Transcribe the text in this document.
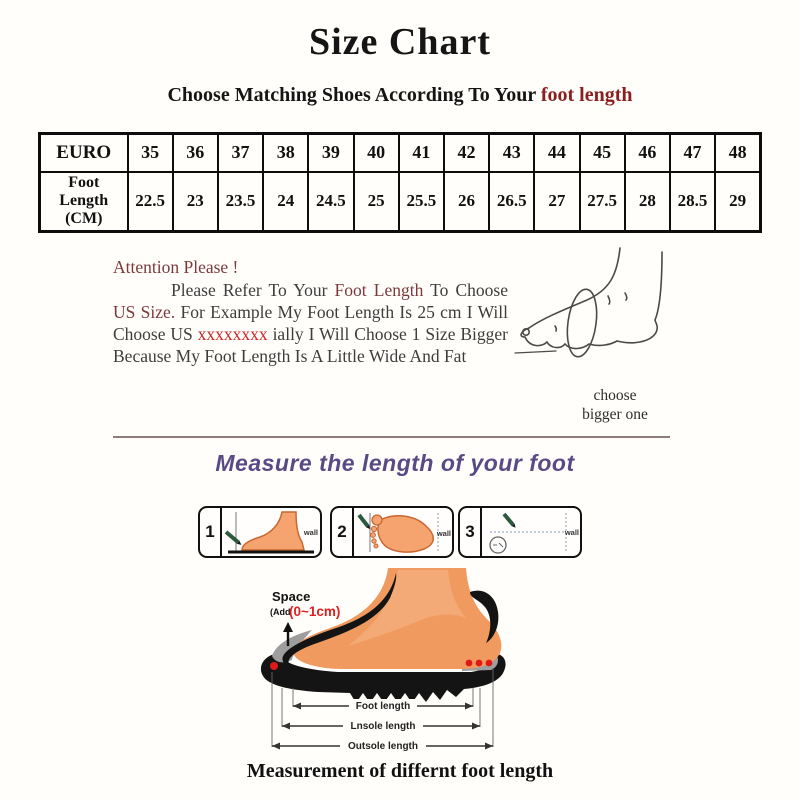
Size Chart
Choose Matching Shoes According To Your foot length
EURO	35	36	37	38	39	40	41	42	43	44	45	46	47	48
Foot Length (CM)	22.5	23	23.5	24	24.5	25	25.5	26	26.5	27	27.5	28	28.5	29
Attention Please !

Please Refer To Your Foot Length To Choose US Size. For Example My Foot Length Is 25 cm I Will Choose US xxxxxxxx ially I Will Choose 1 Size Bigger Because My Foot Length Is A Little Wide And Fat

choose
bigger one
Measure the length of your foot
1	wall	2	wall 3	wall
Space
(Add
(0~1cm)
Foot length
Lnsole length
Outsole length
Measurement of differnt foot length
